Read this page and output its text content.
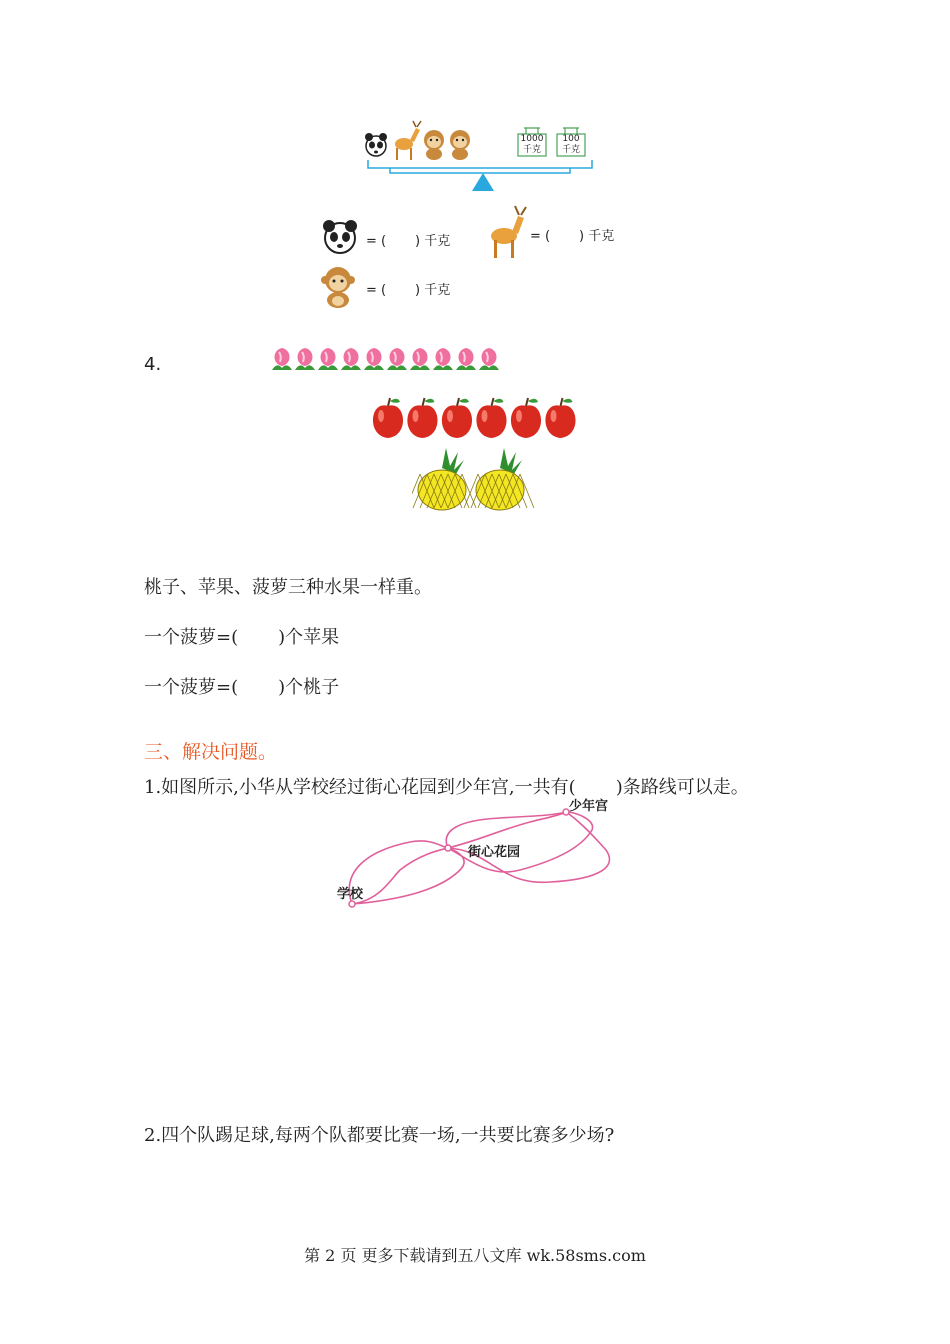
1000
千克
100
千克
= (       ) 千克	= (       ) 千克
= (       ) 千克
4.
桃子、苹果、菠萝三种水果一样重。
一个菠萝=(       )个苹果
一个菠萝=(       )个桃子
三、解决问题。
1.如图所示,小华从学校经过街心花园到少年宫,一共有(       )条路线可以走。
学校
街心花园
少年宫
2.四个队踢足球,每两个队都要比赛一场,一共要比赛多少场?
第 2 页 更多下载请到五八文库 wk.58sms.com
